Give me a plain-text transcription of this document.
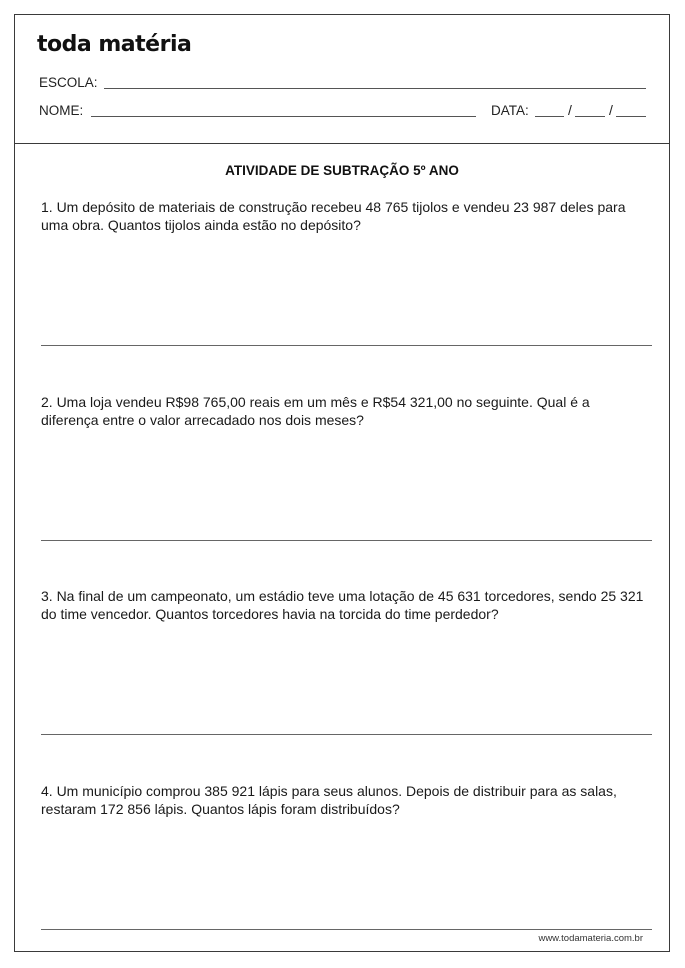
toda matéria
ESCOLA:
NOME:	DATA:	/	/
ATIVIDADE DE SUBTRAÇÃO 5º ANO
1. Um depósito de materiais de construção recebeu 48 765 tijolos e vendeu 23 987 deles para uma obra. Quantos tijolos ainda estão no depósito?
2. Uma loja vendeu R$98 765,00 reais em um mês e R$54 321,00 no seguinte. Qual é a diferença entre o valor arrecadado nos dois meses?
3. Na final de um campeonato, um estádio teve uma lotação de 45 631 torcedores, sendo 25 321 do time vencedor. Quantos torcedores havia na torcida do time perdedor?
4. Um município comprou 385 921 lápis para seus alunos. Depois de distribuir para as salas, restaram 172 856 lápis. Quantos lápis foram distribuídos?
www.todamateria.com.br
